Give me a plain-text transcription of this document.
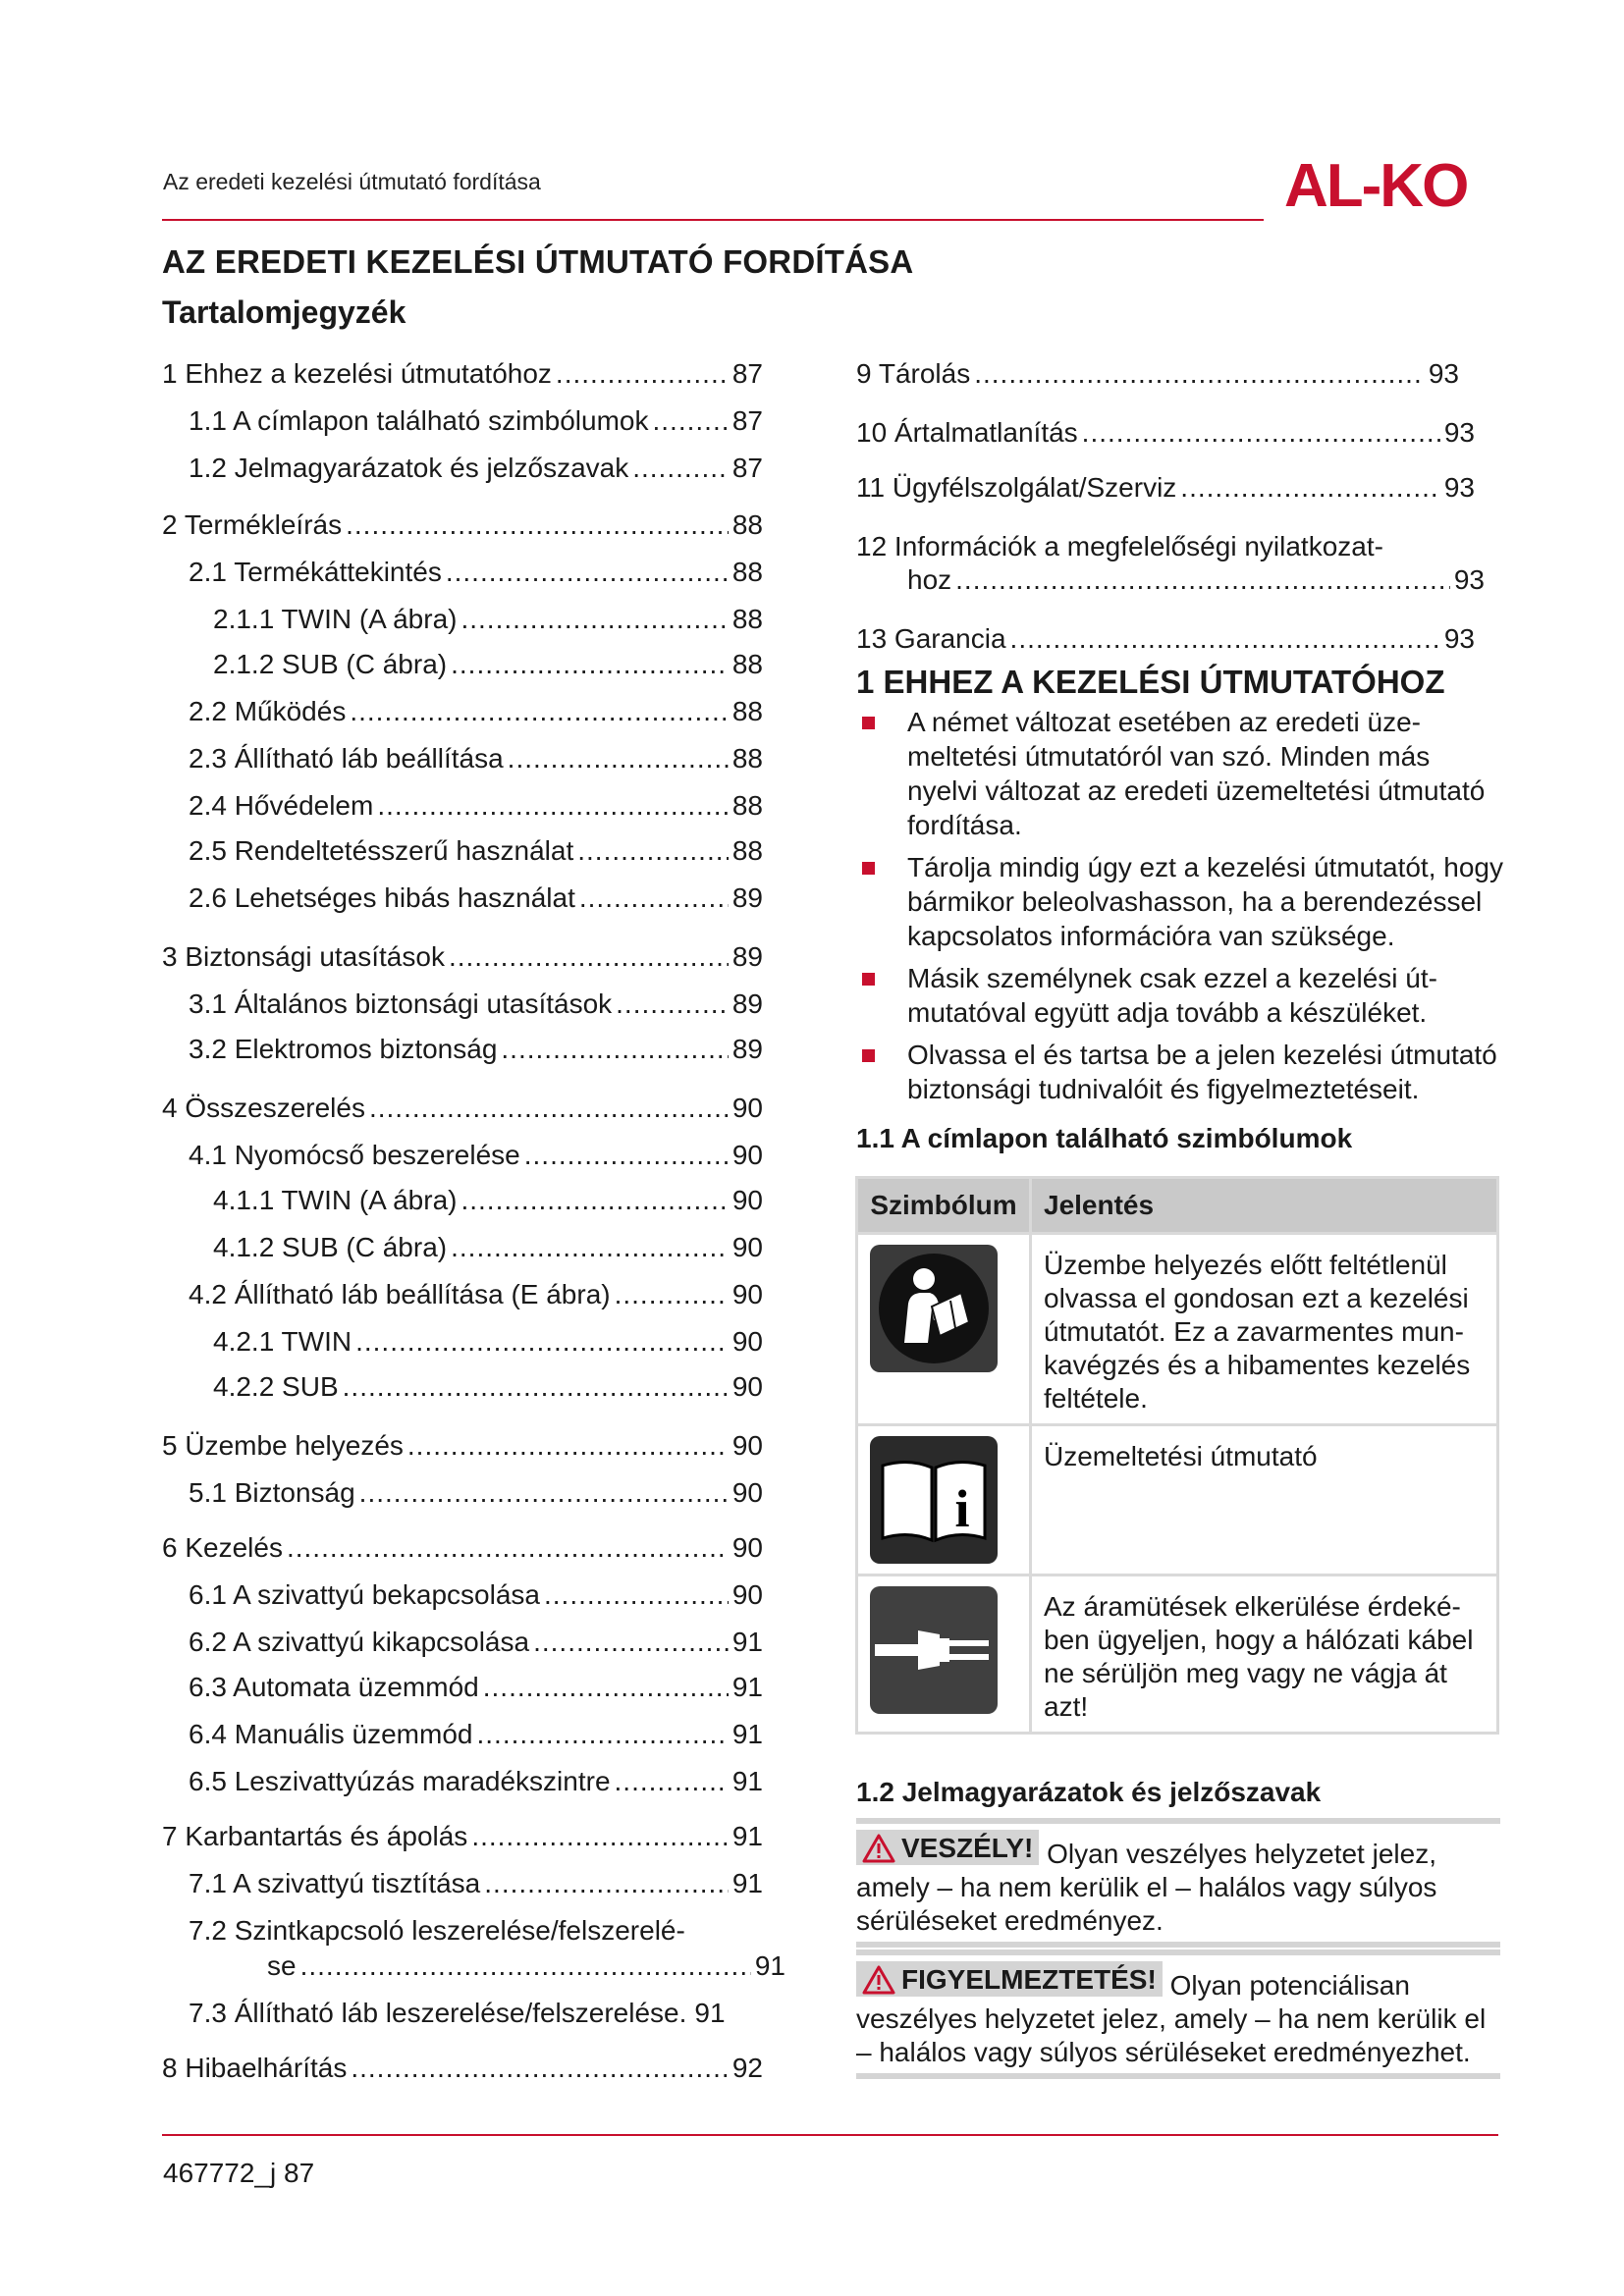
Az eredeti kezelési útmutató fordítása	AL-KO
AZ EREDETI KEZELÉSI ÚTMUTATÓ FORDÍTÁSA
Tartalomjegyzék
1 Ehhez a kezelési útmutatóhoz .....	87
1.1 A címlapon található szimbólumok .....	87
1.2 Jelmagyarázatok és jelzőszavak .....	87
2 Termékleírás .....	88
2.1 Termékáttekintés .....	88
2.1.1 TWIN (A ábra) .....	88
2.1.2 SUB (C ábra) .....	88
2.2 Működés .....	88
2.3 Állítható láb beállítása .....	88
2.4 Hővédelem .....	88
2.5 Rendeltetésszerű használat .....	88
2.6 Lehetséges hibás használat .....	89
3 Biztonsági utasítások .....	89
3.1 Általános biztonsági utasítások .....	89
3.2 Elektromos biztonság .....	89
4 Összeszerelés .....	90
4.1 Nyomócső beszerelése .....	90
4.1.1 TWIN (A ábra) .....	90
4.1.2 SUB (C ábra) .....	90
4.2 Állítható láb beállítása (E ábra) .....	90
4.2.1 TWIN .....	90
4.2.2 SUB .....	90
5 Üzembe helyezés .....	90
5.1 Biztonság .....	90
6 Kezelés .....	90
6.1 A szivattyú bekapcsolása .....	90
6.2 A szivattyú kikapcsolása .....	91
6.3 Automata üzemmód .....	91
6.4 Manuális üzemmód .....	91
6.5 Leszivattyúzás maradékszintre .....	91
7 Karbantartás és ápolás .....	91
7.1 A szivattyú tisztítása .....	91
7.2 Szintkapcsoló leszerelése/felszerelé-
se .....	91
7.3 Állítható láb leszerelése/felszerelése. 91
8 Hibaelhárítás .....	92
9 Tárolás .....	93
10 Ártalmatlanítás .....	93
11 Ügyfélszolgálat/Szerviz .....	93
12 Információk a megfelelőségi nyilatkozat-
hoz .....	93
13 Garancia .....	93
1 EHHEZ A KEZELÉSI ÚTMUTATÓHOZ
A német változat esetében az eredeti üzemeltetési útmutatóról van szó. Minden más nyelvi változat az eredeti üzemeltetési útmutató fordítása.
Tárolja mindig úgy ezt a kezelési útmutatót, hogy bármikor beleolvashasson, ha a berendezéssel kapcsolatos információra van szüksége.
Másik személynek csak ezzel a kezelési útmutatóval együtt adja tovább a készüléket.
Olvassa el és tartsa be a jelen kezelési útmutató biztonsági tudnivalóit és figyelmeztetéseit.
1.1 A címlapon található szimbólumok
Szimbólum	Jelentés

	Üzembe helyezés előtt feltétlenül olvassa el gondosan ezt a kezelési útmutatót. Ez a zavarmentes munkavégzés és a hibamentes kezelés feltétele.

i	Üzemeltetési útmutató

	Az áramütések elkerülése érdekében ügyeljen, hogy a hálózati kábel ne sérüljön meg vagy ne vágja át azt!
1.2 Jelmagyarázatok és jelzőszavak
VESZÉLY! Olyan veszélyes helyzetet jelez, amely – ha nem kerülik el – halálos vagy súlyos sérüléseket eredményez.
FIGYELMEZTETÉS! Olyan potenciálisan veszélyes helyzetet jelez, amely – ha nem kerülik el – halálos vagy súlyos sérüléseket eredményezhet.
467772_j 87
